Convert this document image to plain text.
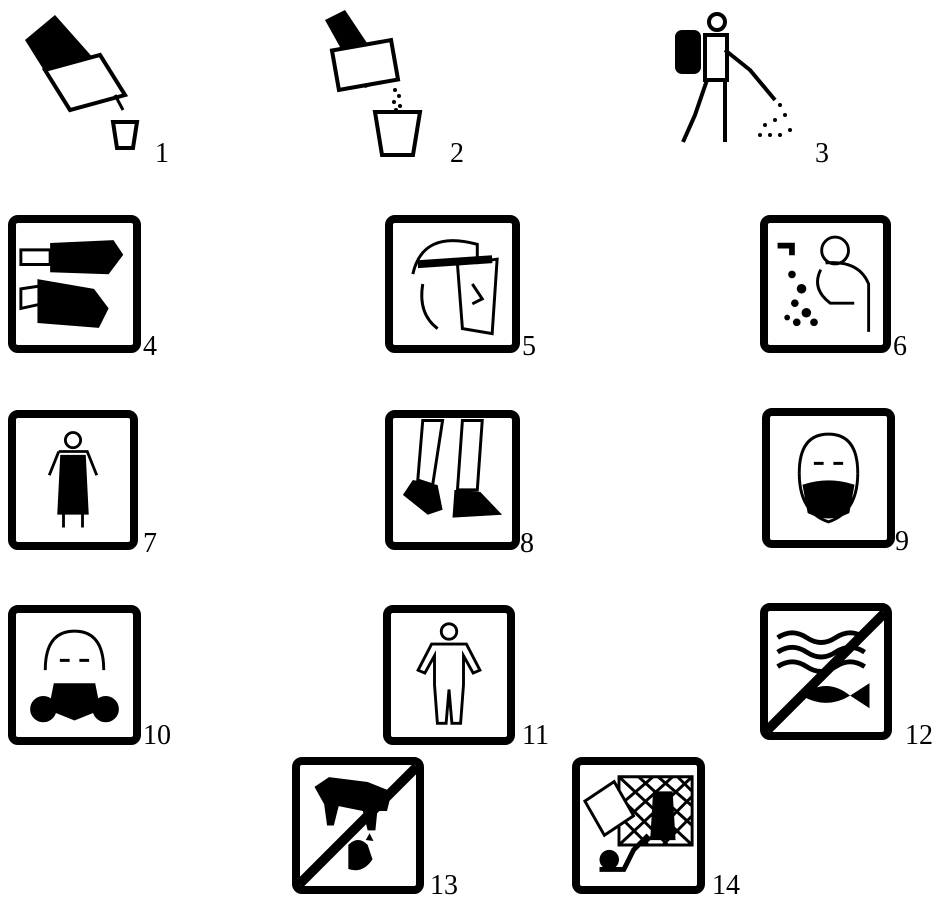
1	2	3
4	5	6
7	8	9
10	11	12
13	14
